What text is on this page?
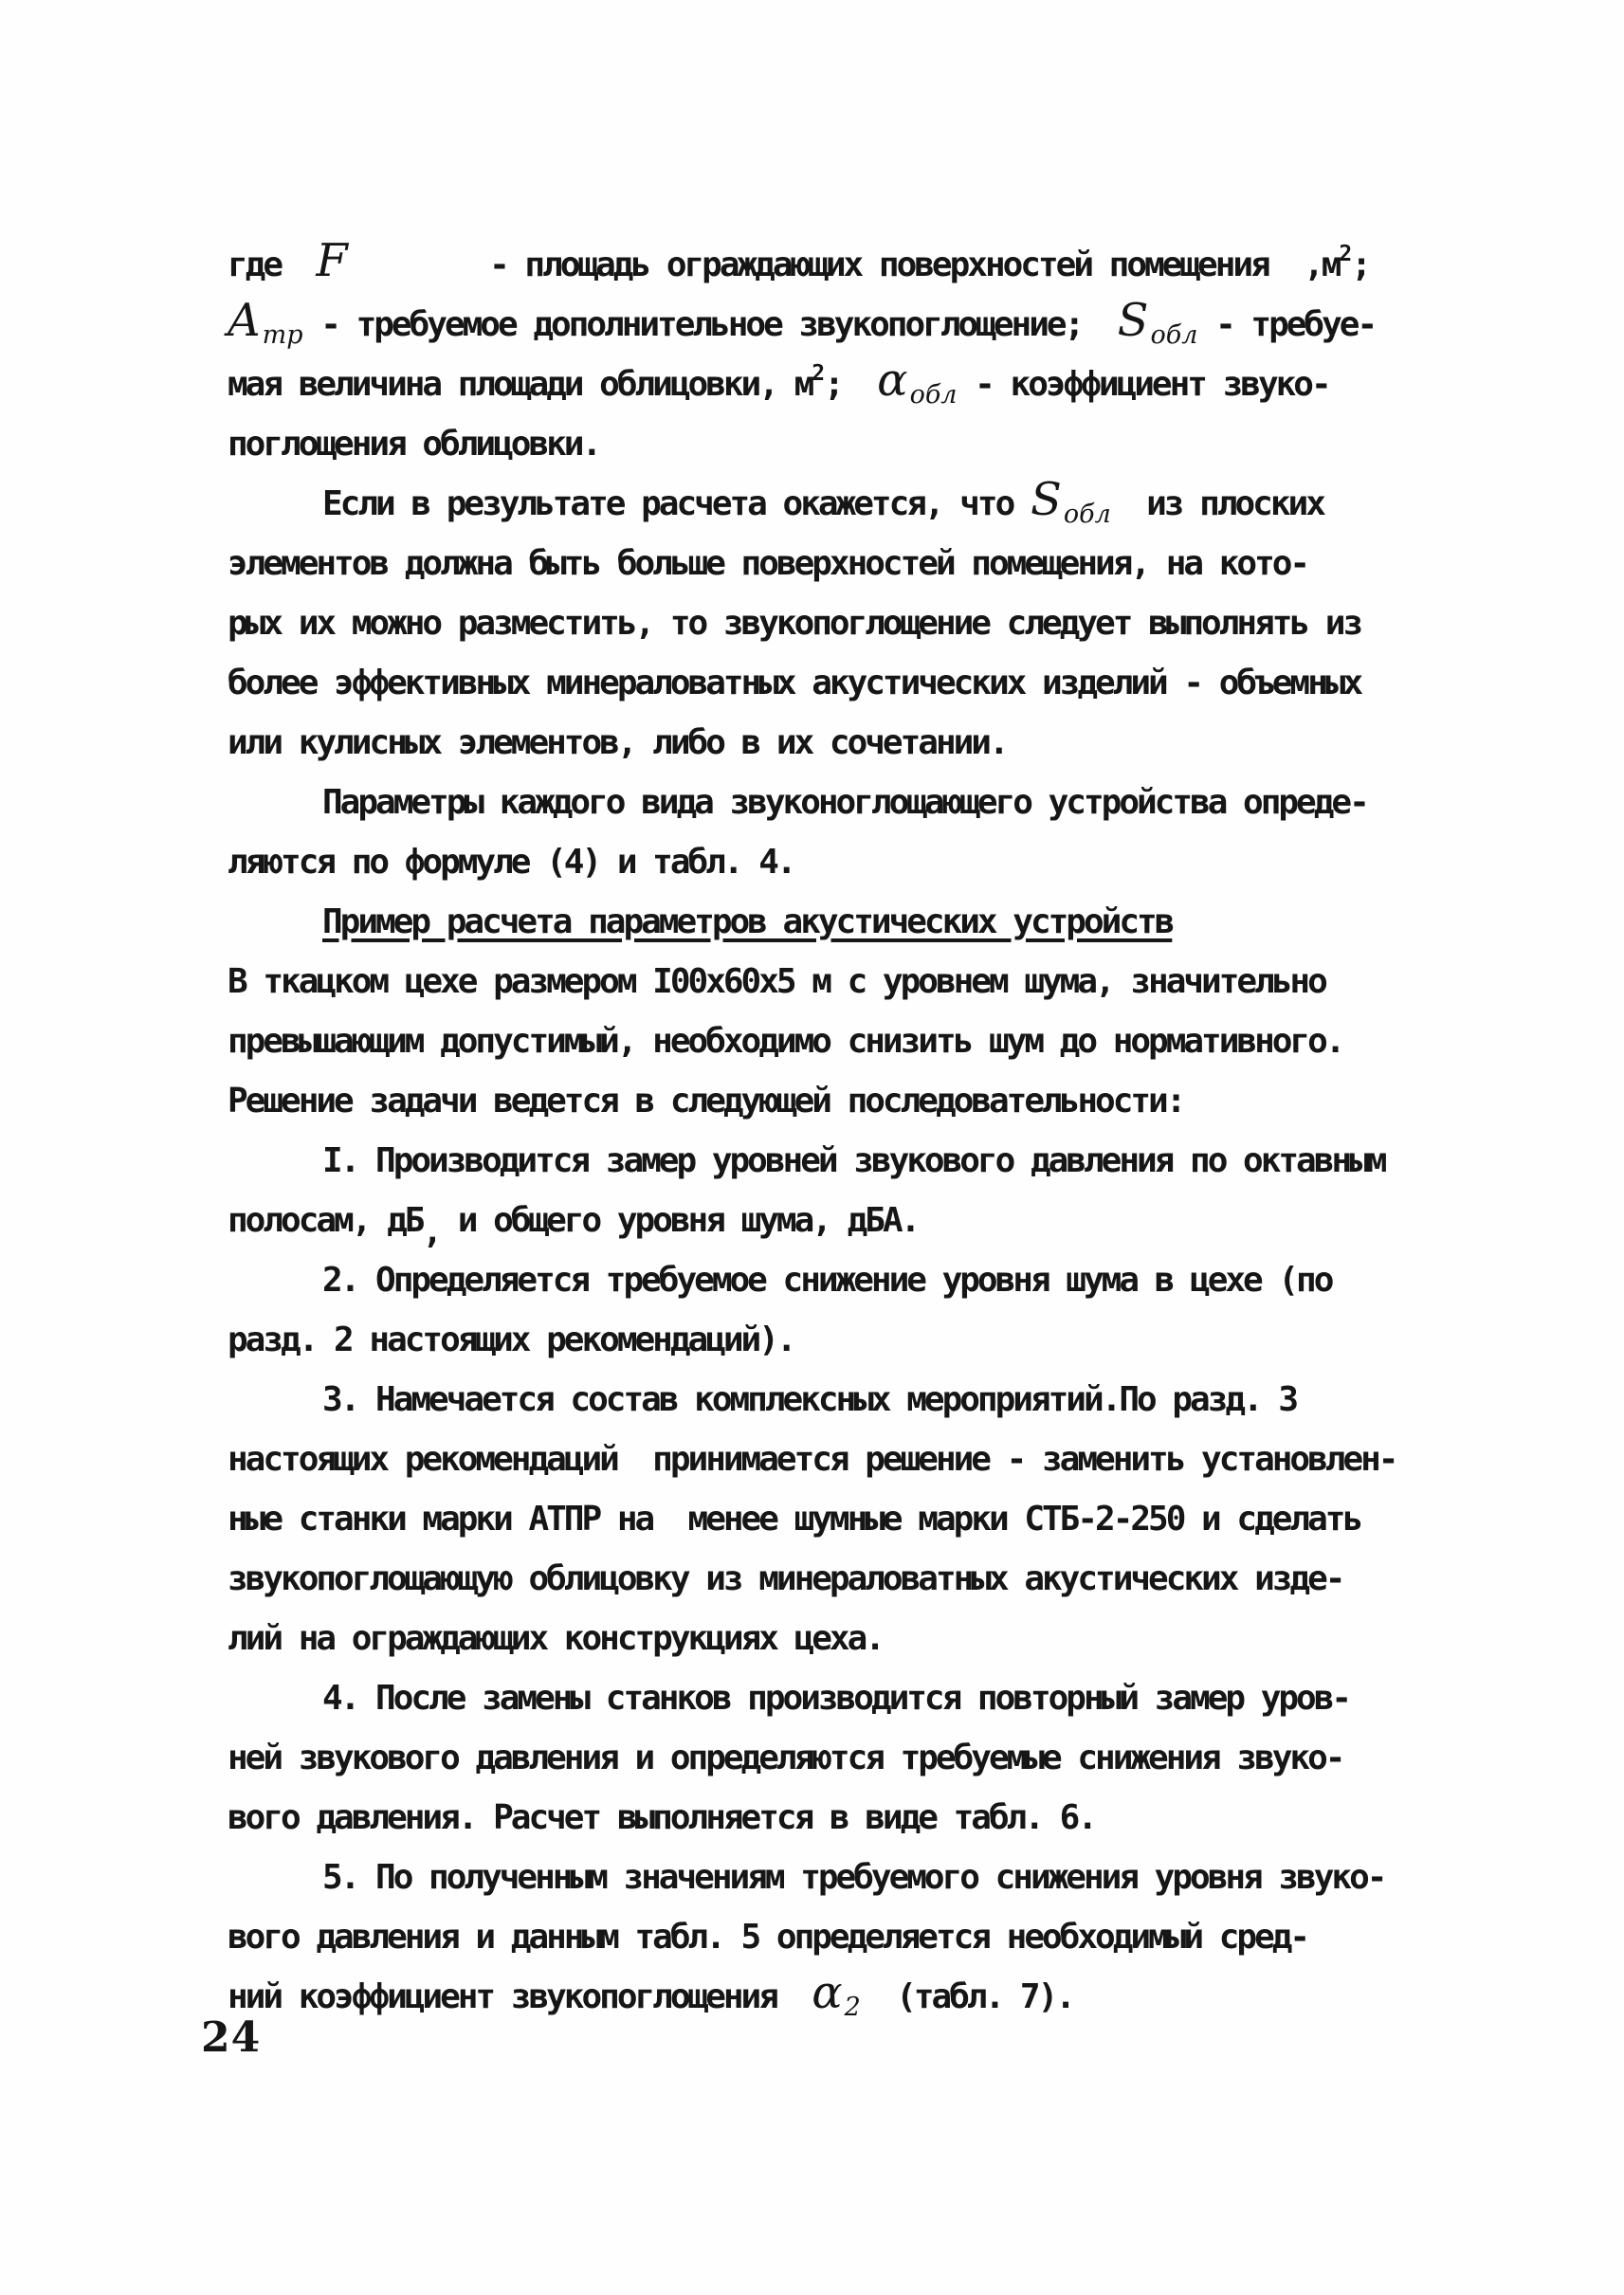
где  F        - площадь ограждающих поверхностей помещения  $,м^2$;
$A_{тр}$ - требуемое дополнительное звукопоглощение;  $S_{обл}$ - требуе-
мая величина площади облицовки, $м^2$;  $\alpha_{обл}$ - коэффициент звуко-
поглощения облицовки.
Если в результате расчета окажется, что $S_{обл}$  из плоских
элементов должна быть больше поверхностей помещения, на кото-
рых их можно разместить, то звукопоглощение следует выполнять из
более эффективных минераловатных акустических изделий - объемных
или кулисных элементов, либо в их сочетании.
Параметры каждого вида звуконоглощающего устройства опреде-
ляются по формуле (4) и табл. 4.
Пример расчета параметров акустических устройств
В ткацком цехе размером I00х60х5 м с уровнем шума, значительно
превышающим допустимый, необходимо снизить шум до нормативного.
Решение задачи ведется в следующей последовательности:
I. Производится замер уровней звукового давления по октавным
полосам, дБ, и общего уровня шума, дБА.
2. Определяется требуемое снижение уровня шума в цехе (по
разд. 2 настоящих рекомендаций).
3. Намечается состав комплексных мероприятий.По разд. 3
настоящих рекомендаций  принимается решение - заменить установлен-
ные станки марки АТПР на  менее шумные марки СТБ-2-250 и сделать
звукопоглощающую облицовку из минераловатных акустических изде-
лий на ограждающих конструкциях цеха.
4. После замены станков производится повторный замер уров-
ней звукового давления и определяются требуемые снижения звуко-
вого давления. Расчет выполняется в виде табл. 6.
5. По полученным значениям требуемого снижения уровня звуко-
вого давления и данным табл. 5 определяется необходимый сред-
ний коэффициент звукопоглощения  $\alpha_2$  (табл. 7).
24
